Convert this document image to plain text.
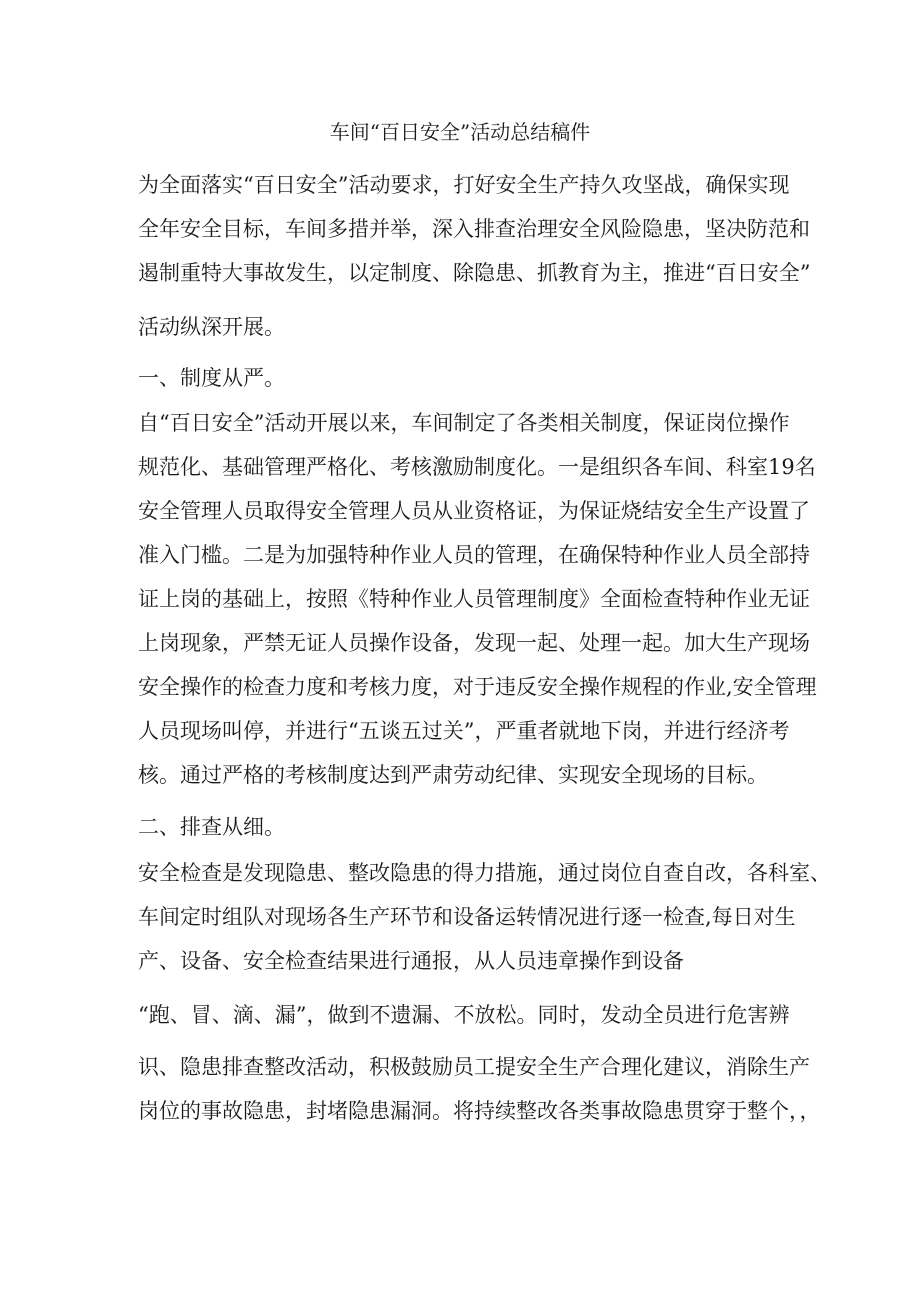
车间“百日安全”活动总结稿件

为全面落实“百日安全”活动要求，打好安全生产持久攻坚战，确保实现

全年安全目标，车间多措并举，深入排查治理安全风险隐患，坚决防范和

遏制重特大事故发生，以定制度、除隐患、抓教育为主，推进“百日安全”

活动纵深开展。

一、制度从严。

自“百日安全”活动开展以来，车间制定了各类相关制度，保证岗位操作

规范化、基础管理严格化、考核激励制度化。一是组织各车间、科室19名

安全管理人员取得安全管理人员从业资格证，为保证烧结安全生产设置了

准入门槛。二是为加强特种作业人员的管理，在确保特种作业人员全部持

证上岗的基础上，按照《特种作业人员管理制度》全面检查特种作业无证

上岗现象，严禁无证人员操作设备，发现一起、处理一起。加大生产现场

安全操作的检查力度和考核力度，对于违反安全操作规程的作业,安全管理

人员现场叫停，并进行“五谈五过关”，严重者就地下岗，并进行经济考

核。通过严格的考核制度达到严肃劳动纪律、实现安全现场的目标。

二、排查从细。

安全检查是发现隐患、整改隐患的得力措施，通过岗位自查自改，各科室、

车间定时组队对现场各生产环节和设备运转情况进行逐一检查,每日对生

产、设备、安全检查结果进行通报，从人员违章操作到设备

“跑、冒、滴、漏”，做到不遗漏、不放松。同时，发动全员进行危害辨

识、隐患排查整改活动，积极鼓励员工提安全生产合理化建议，消除生产

岗位的事故隐患，封堵隐患漏洞。将持续整改各类事故隐患贯穿于整个，，
